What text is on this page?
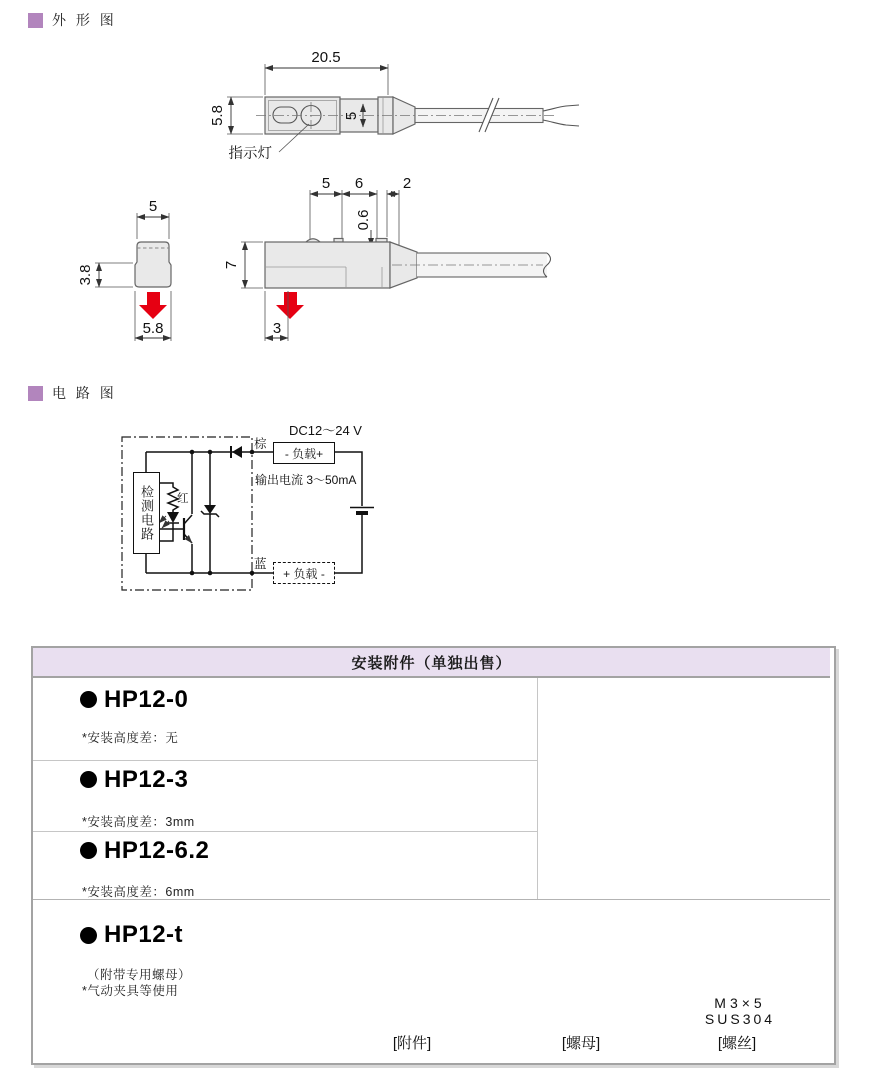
外 形 图
电 路 图
20.5
5
5.8
指示灯
5
3.8
5.8
5 6	2
0.6
7
3
DC12～24 V
棕
蓝
- 负载+
+ 负载 -
输出电流 3～50mA
检测电路	红
安装附件（单独出售）
HP12-0
*安装高度差：无
HP12-3
*安装高度差：3mm
HP12-6.2
*安装高度差：6mm
HP12-t
（附带专用螺母）
*气动夹具等使用
M3×5
SUS304
[附件]	[螺母]	[螺丝]
